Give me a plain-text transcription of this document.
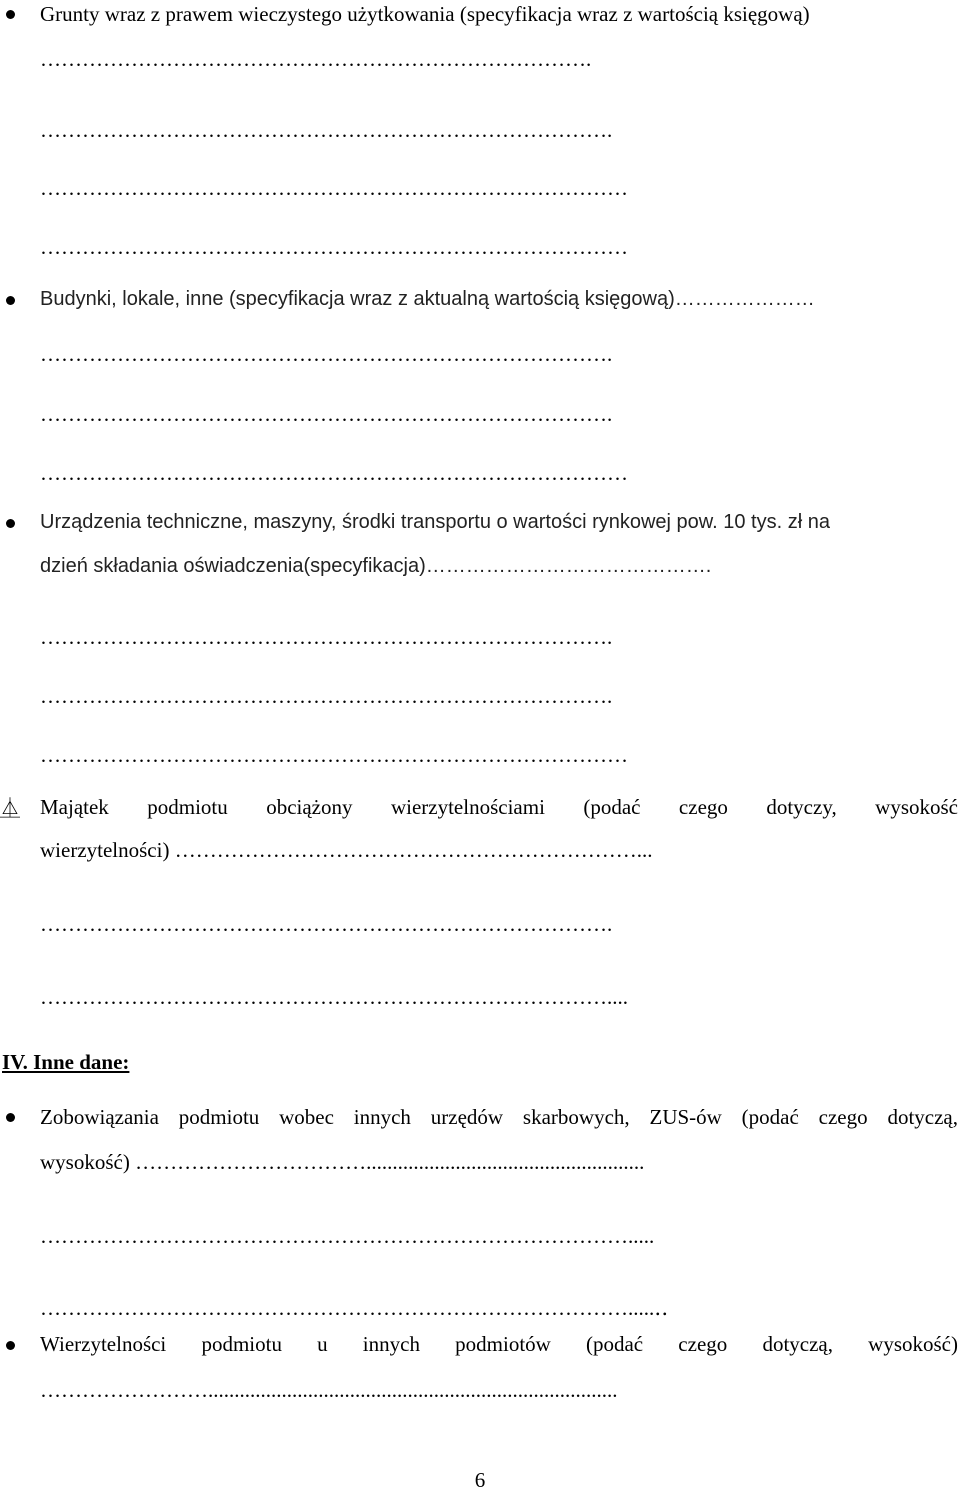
Grunty wraz z prawem wieczystego użytkowania (specyfikacja wraz z wartością księgową)
…………………………………………………………………….
……………………………………………………………………….
…………………………………………………………………………
…………………………………………………………………………
Budynki, lokale, inne (specyfikacja wraz z aktualną wartością księgową)…………………
……………………………………………………………………….
……………………………………………………………………….
…………………………………………………………………………
Urządzenia techniczne, maszyny, środki transportu o wartości rynkowej pow. 10 tys. zł na
dzień składania oświadczenia(specyfikacja)…………………………………….
……………………………………………………………………….
……………………………………………………………………….
…………………………………………………………………………
⏅ Majątek podmiotu obciążony wierzytelnościami (podać czego dotyczy, wysokość
wierzytelności) …………………………………………………………...
……………………………………………………………………….
………………………………………………………………………....
IV. Inne dane:
Zobowiązania podmiotu wobec innych urzędów skarbowych, ZUS-ów (podać czego dotyczą,
wysokość) …………………………….....................................................
………………………………………………………………………….....
………………………………………………………………………….....‥
Wierzytelności podmiotu u innych podmiotów (podać czego dotyczą, wysokość)
……………………..............................................................................
6
